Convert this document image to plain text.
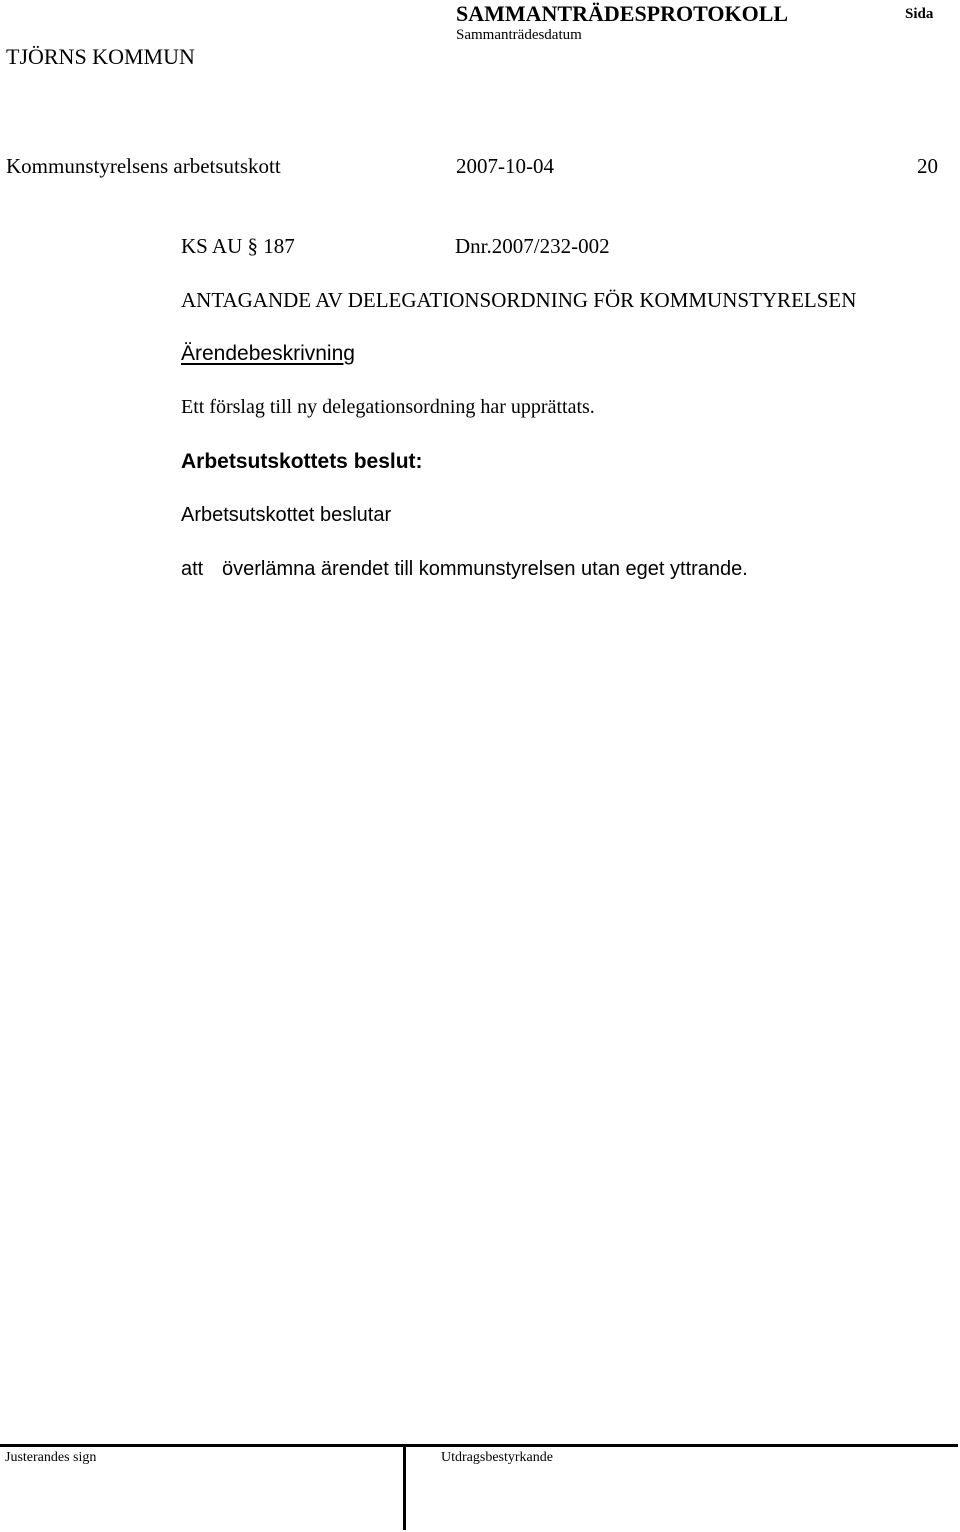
TJÖRNS KOMMUN
SAMMANTRÄDESPROTOKOLL
Sammanträdesdatum
Sida
Kommunstyrelsens arbetsutskott	2007-10-04	20
KS AU § 187	Dnr.2007/232-002
ANTAGANDE AV DELEGATIONSORDNING FÖR KOMMUNSTYRELSEN
Ärendebeskrivning
Ett förslag till ny delegationsordning har upprättats.
Arbetsutskottets beslut:
Arbetsutskottet beslutar
att överlämna ärendet till kommunstyrelsen utan eget yttrande.
Justerandes sign	Utdragsbestyrkande
